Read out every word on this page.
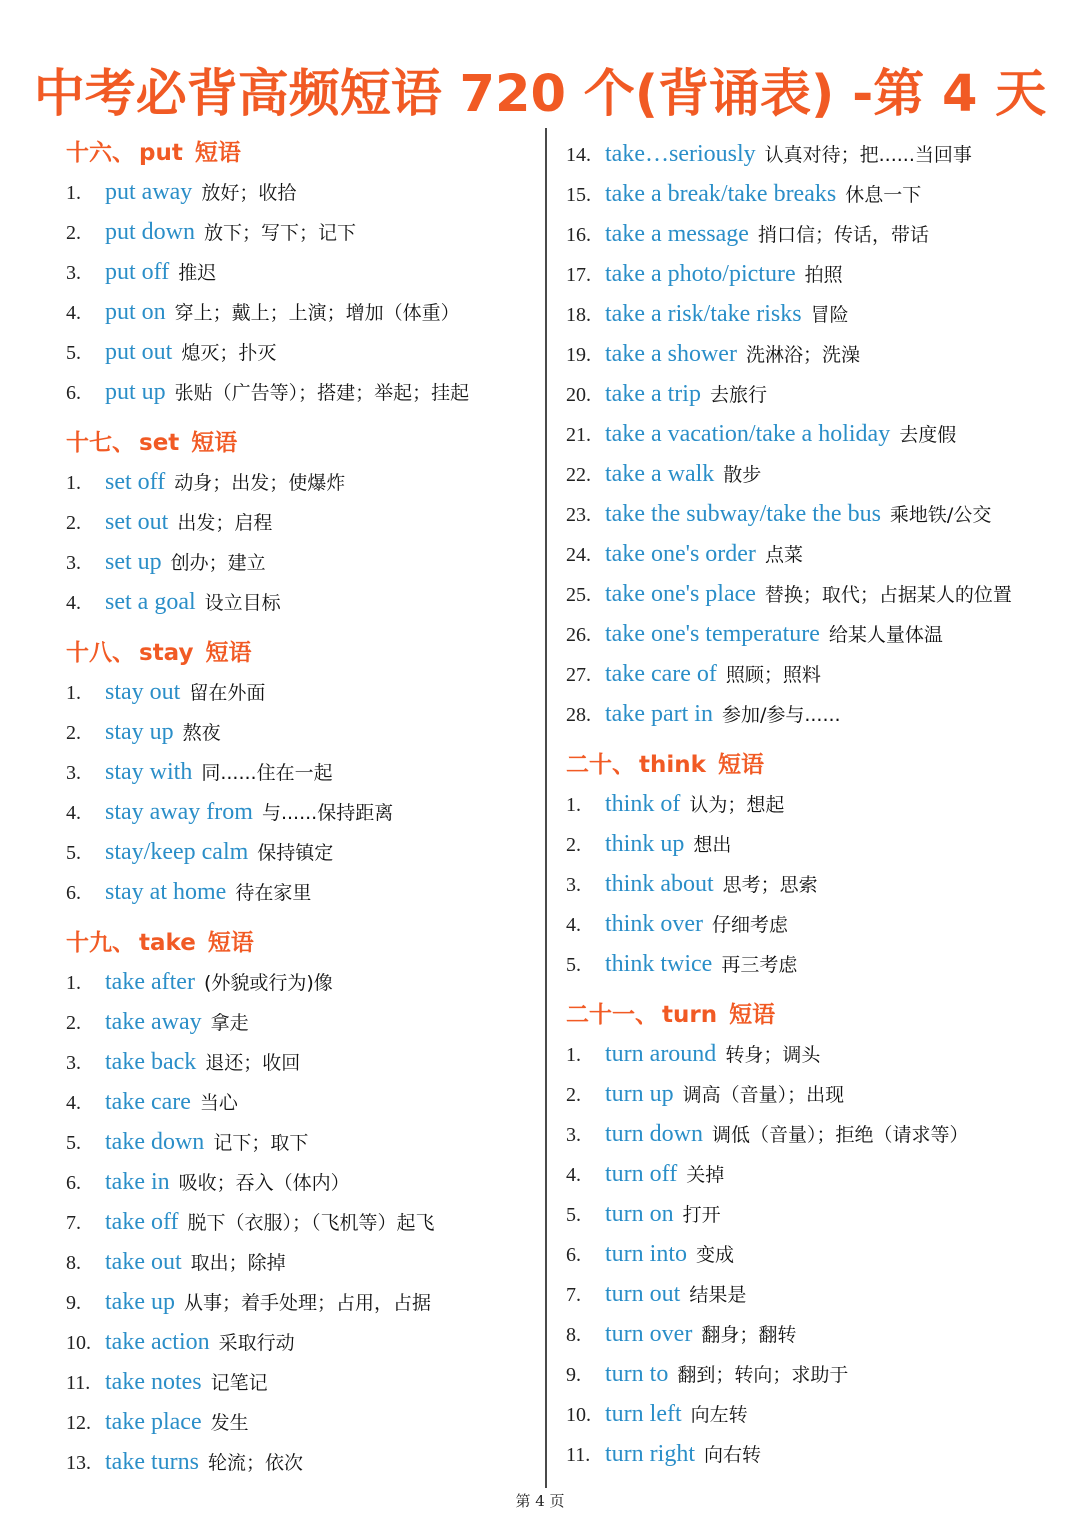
中考必背高频短语 720 个(背诵表) -第 4 天
十六、 put 短语
1. put away 放好；收拾
2. put down 放下；写下；记下
3. put off 推迟
4. put on 穿上；戴上；上演；增加（体重）
5. put out 熄灭；扑灭
6. put up 张贴（广告等）；搭建；举起；挂起
十七、 set 短语
1. set off 动身；出发；使爆炸
2. set out 出发；启程
3. set up 创办；建立
4. set a goal 设立目标
十八、 stay 短语
1. stay out 留在外面
2. stay up 熬夜
3. stay with 同......住在一起
4. stay away from 与......保持距离
5. stay/keep calm 保持镇定
6. stay at home 待在家里
十九、 take 短语
1. take after (外貌或行为)像
2. take away 拿走
3. take back 退还；收回
4. take care 当心
5. take down 记下；取下
6. take in 吸收；吞入（体内）
7. take off 脱下（衣服）；（飞机等）起飞
8. take out 取出；除掉
9. take up 从事；着手处理；占用，占据
10. take action 采取行动
11. take notes 记笔记
12. take place 发生
13. take turns 轮流；依次
14. take…seriously 认真对待；把......当回事
15. take a break/take breaks 休息一下
16. take a message 捎口信；传话，带话
17. take a photo/picture 拍照
18. take a risk/take risks 冒险
19. take a shower 洗淋浴；洗澡
20. take a trip 去旅行
21. take a vacation/take a holiday 去度假
22. take a walk 散步
23. take the subway/take the bus 乘地铁/公交
24. take one's order 点菜
25. take one's place 替换；取代；占据某人的位置
26. take one's temperature 给某人量体温
27. take care of 照顾；照料
28. take part in 参加/参与......
二十、 think 短语
1. think of 认为；想起
2. think up 想出
3. think about 思考；思索
4. think over 仔细考虑
5. think twice 再三考虑
二十一、 turn 短语
1. turn around 转身；调头
2. turn up 调高（音量）；出现
3. turn down 调低（音量）；拒绝（请求等）
4. turn off 关掉
5. turn on 打开
6. turn into 变成
7. turn out 结果是
8. turn over 翻身；翻转
9. turn to 翻到；转向；求助于
10. turn left 向左转
11. turn right 向右转
第 4 页
